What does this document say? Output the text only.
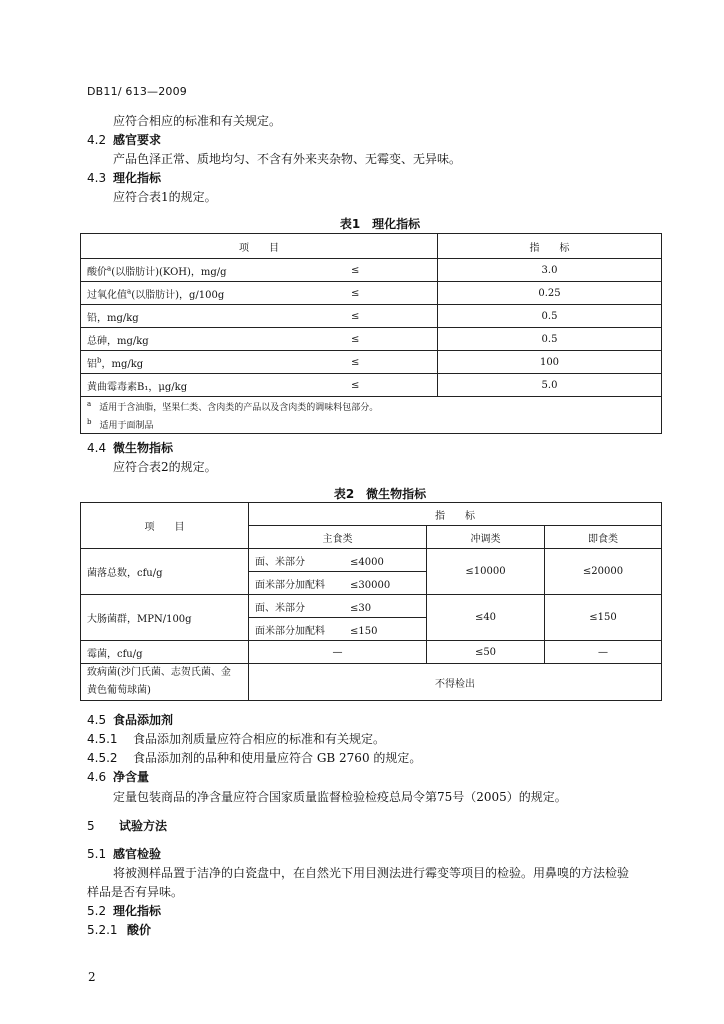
DB11/ 613—2009
应符合相应的标准和有关规定。
4.2 感官要求
产品色泽正常、质地均匀、不含有外来夹杂物、无霉变、无异味。
4.3 理化指标
应符合表1的规定。
表1　理化指标
项　　目		指　　标
酸价$^a$(以脂肪计)(KOH)，mg/g	≤	3.0
过氧化值$^a$(以脂肪计)，g/100g	≤	0.25
铅，mg/kg	≤	0.5
总砷，mg/kg	≤	0.5
铝$^b$，mg/kg	≤	100
黄曲霉毒素B₁，μg/kg	≤	5.0
$^a$ 适用于含油脂，坚果仁类、含肉类的产品以及含肉类的调味料包部分。		
$^b$ 适用于面制品		
4.4 微生物指标
应符合表2的规定。
表2　微生物指标
项　　目	指　　标		
	主食类	冲调类	即食类
菌落总数，cfu/g	面、米部分 ≤4000	≤10000	≤20000
	面米部分加配料 ≤30000		
大肠菌群，MPN/100g	面、米部分 ≤30	≤40	≤150
	面米部分加配料 ≤150		
霉菌，cfu/g	—	≤50	—
致病菌(沙门氏菌、志贺氏菌、金
黄色葡萄球菌)	不得检出		
4.5 食品添加剂
4.5.1 食品添加剂质量应符合相应的标准和有关规定。
4.5.2 食品添加剂的品种和使用量应符合 GB 2760 的规定。
4.6 净含量
定量包装商品的净含量应符合国家质量监督检验检疫总局令第75号（2005）的规定。
5 试验方法
5.1 感官检验
将被测样品置于洁净的白瓷盘中，在自然光下用目测法进行霉变等项目的检验。用鼻嗅的方法检验
样品是否有异味。
5.2 理化指标
5.2.1 酸价
2
